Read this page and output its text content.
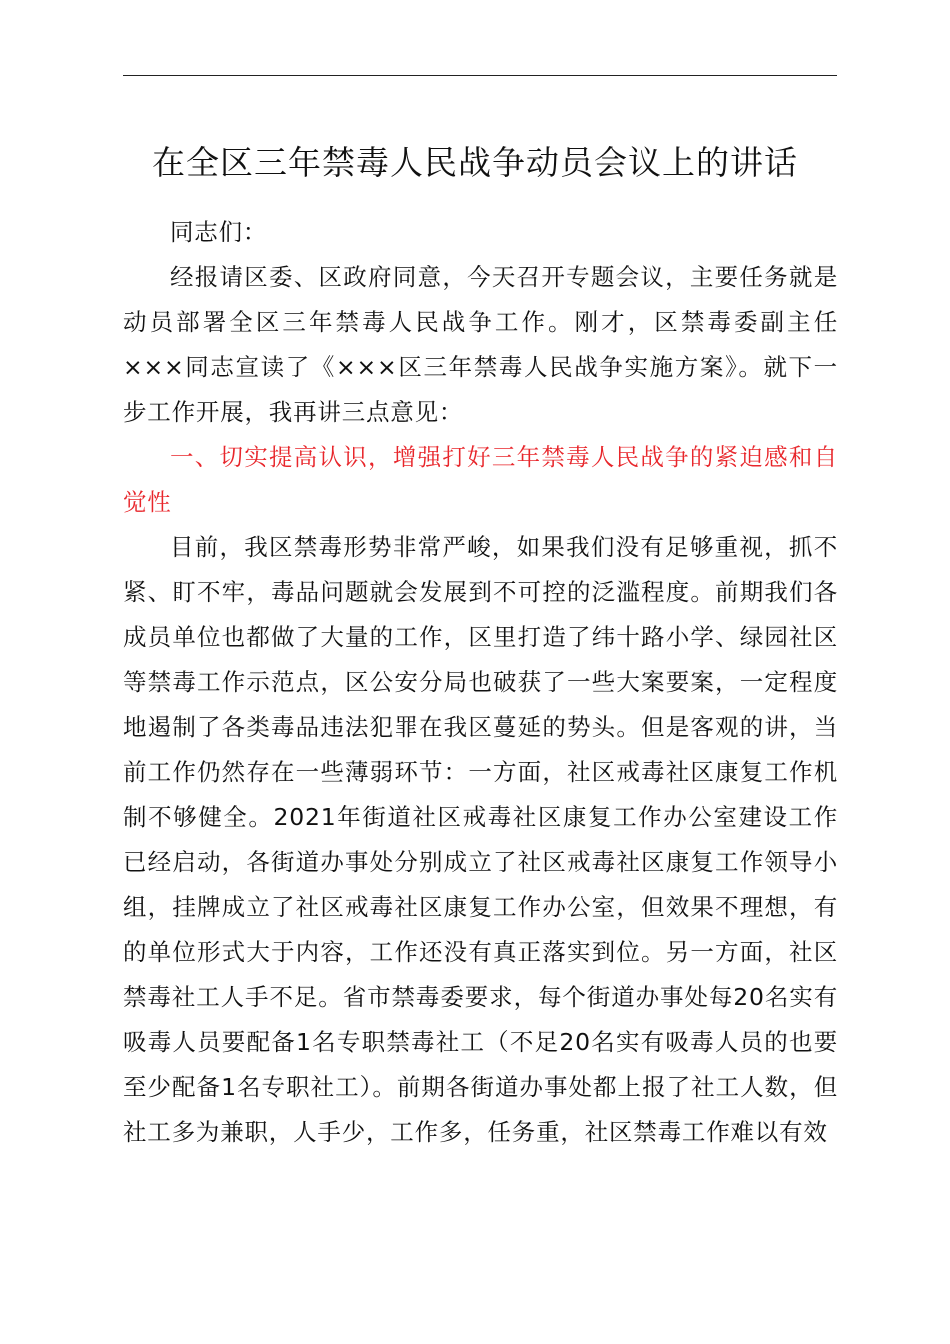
在全区三年禁毒人民战争动员会议上的讲话

同志们：

经报请区委、区政府同意，今天召开专题会议，主要任务就是动员部署全区三年禁毒人民战争工作。刚才，区禁毒委副主任×××同志宣读了《×××区三年禁毒人民战争实施方案》。就下一步工作开展，我再讲三点意见：

一、切实提高认识，增强打好三年禁毒人民战争的紧迫感和自觉性

目前，我区禁毒形势非常严峻，如果我们没有足够重视，抓不紧、盯不牢，毒品问题就会发展到不可控的泛滥程度。前期我们各成员单位也都做了大量的工作，区里打造了纬十路小学、绿园社区等禁毒工作示范点，区公安分局也破获了一些大案要案，一定程度地遏制了各类毒品违法犯罪在我区蔓延的势头。但是客观的讲，当前工作仍然存在一些薄弱环节：一方面，社区戒毒社区康复工作机制不够健全。2021年街道社区戒毒社区康复工作办公室建设工作已经启动，各街道办事处分别成立了社区戒毒社区康复工作领导小组，挂牌成立了社区戒毒社区康复工作办公室，但效果不理想，有的单位形式大于内容，工作还没有真正落实到位。另一方面，社区禁毒社工人手不足。省市禁毒委要求，每个街道办事处每20名实有吸毒人员要配备1名专职禁毒社工（不足20名实有吸毒人员的也要至少配备1名专职社工）。前期各街道办事处都上报了社工人数，但社工多为兼职，人手少，工作多，任务重，社区禁毒工作难以有效
